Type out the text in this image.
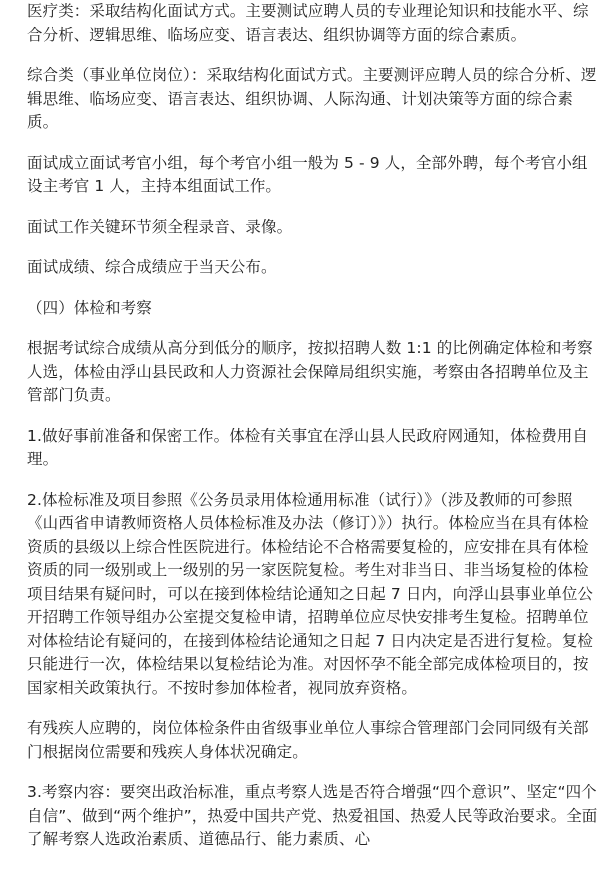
医疗类：采取结构化面试方式。主要测试应聘人员的专业理论知识和技能水平、综合分析、逻辑思维、临场应变、语言表达、组织协调等方面的综合素质。

综合类（事业单位岗位）：采取结构化面试方式。主要测评应聘人员的综合分析、逻辑思维、临场应变、语言表达、组织协调、人际沟通、计划决策等方面的综合素质。

面试成立面试考官小组，每个考官小组一般为 5 - 9 人，全部外聘，每个考官小组设主考官 1 人，主持本组面试工作。

面试工作关键环节须全程录音、录像。

面试成绩、综合成绩应于当天公布。

（四）体检和考察

根据考试综合成绩从高分到低分的顺序，按拟招聘人数 1:1 的比例确定体检和考察人选，体检由浮山县民政和人力资源社会保障局组织实施，考察由各招聘单位及主管部门负责。

1.做好事前准备和保密工作。体检有关事宜在浮山县人民政府网通知，体检费用自理。

2.体检标准及项目参照《公务员录用体检通用标准（试行）》（涉及教师的可参照《山西省申请教师资格人员体检标准及办法（修订）》）执行。体检应当在具有体检资质的县级以上综合性医院进行。体检结论不合格需要复检的，应安排在具有体检资质的同一级别或上一级别的另一家医院复检。考生对非当日、非当场复检的体检项目结果有疑问时，可以在接到体检结论通知之日起 7 日内，向浮山县事业单位公开招聘工作领导组办公室提交复检申请，招聘单位应尽快安排考生复检。招聘单位对体检结论有疑问的，在接到体检结论通知之日起 7 日内决定是否进行复检。复检只能进行一次，体检结果以复检结论为准。对因怀孕不能全部完成体检项目的，按国家相关政策执行。不按时参加体检者，视同放弃资格。

有残疾人应聘的，岗位体检条件由省级事业单位人事综合管理部门会同同级有关部门根据岗位需要和残疾人身体状况确定。

3.考察内容：要突出政治标准，重点考察人选是否符合增强“四个意识”、坚定“四个自信”、做到“两个维护”，热爱中国共产党、热爱祖国、热爱人民等政治要求。全面了解考察人选政治素质、道德品行、能力素质、心
